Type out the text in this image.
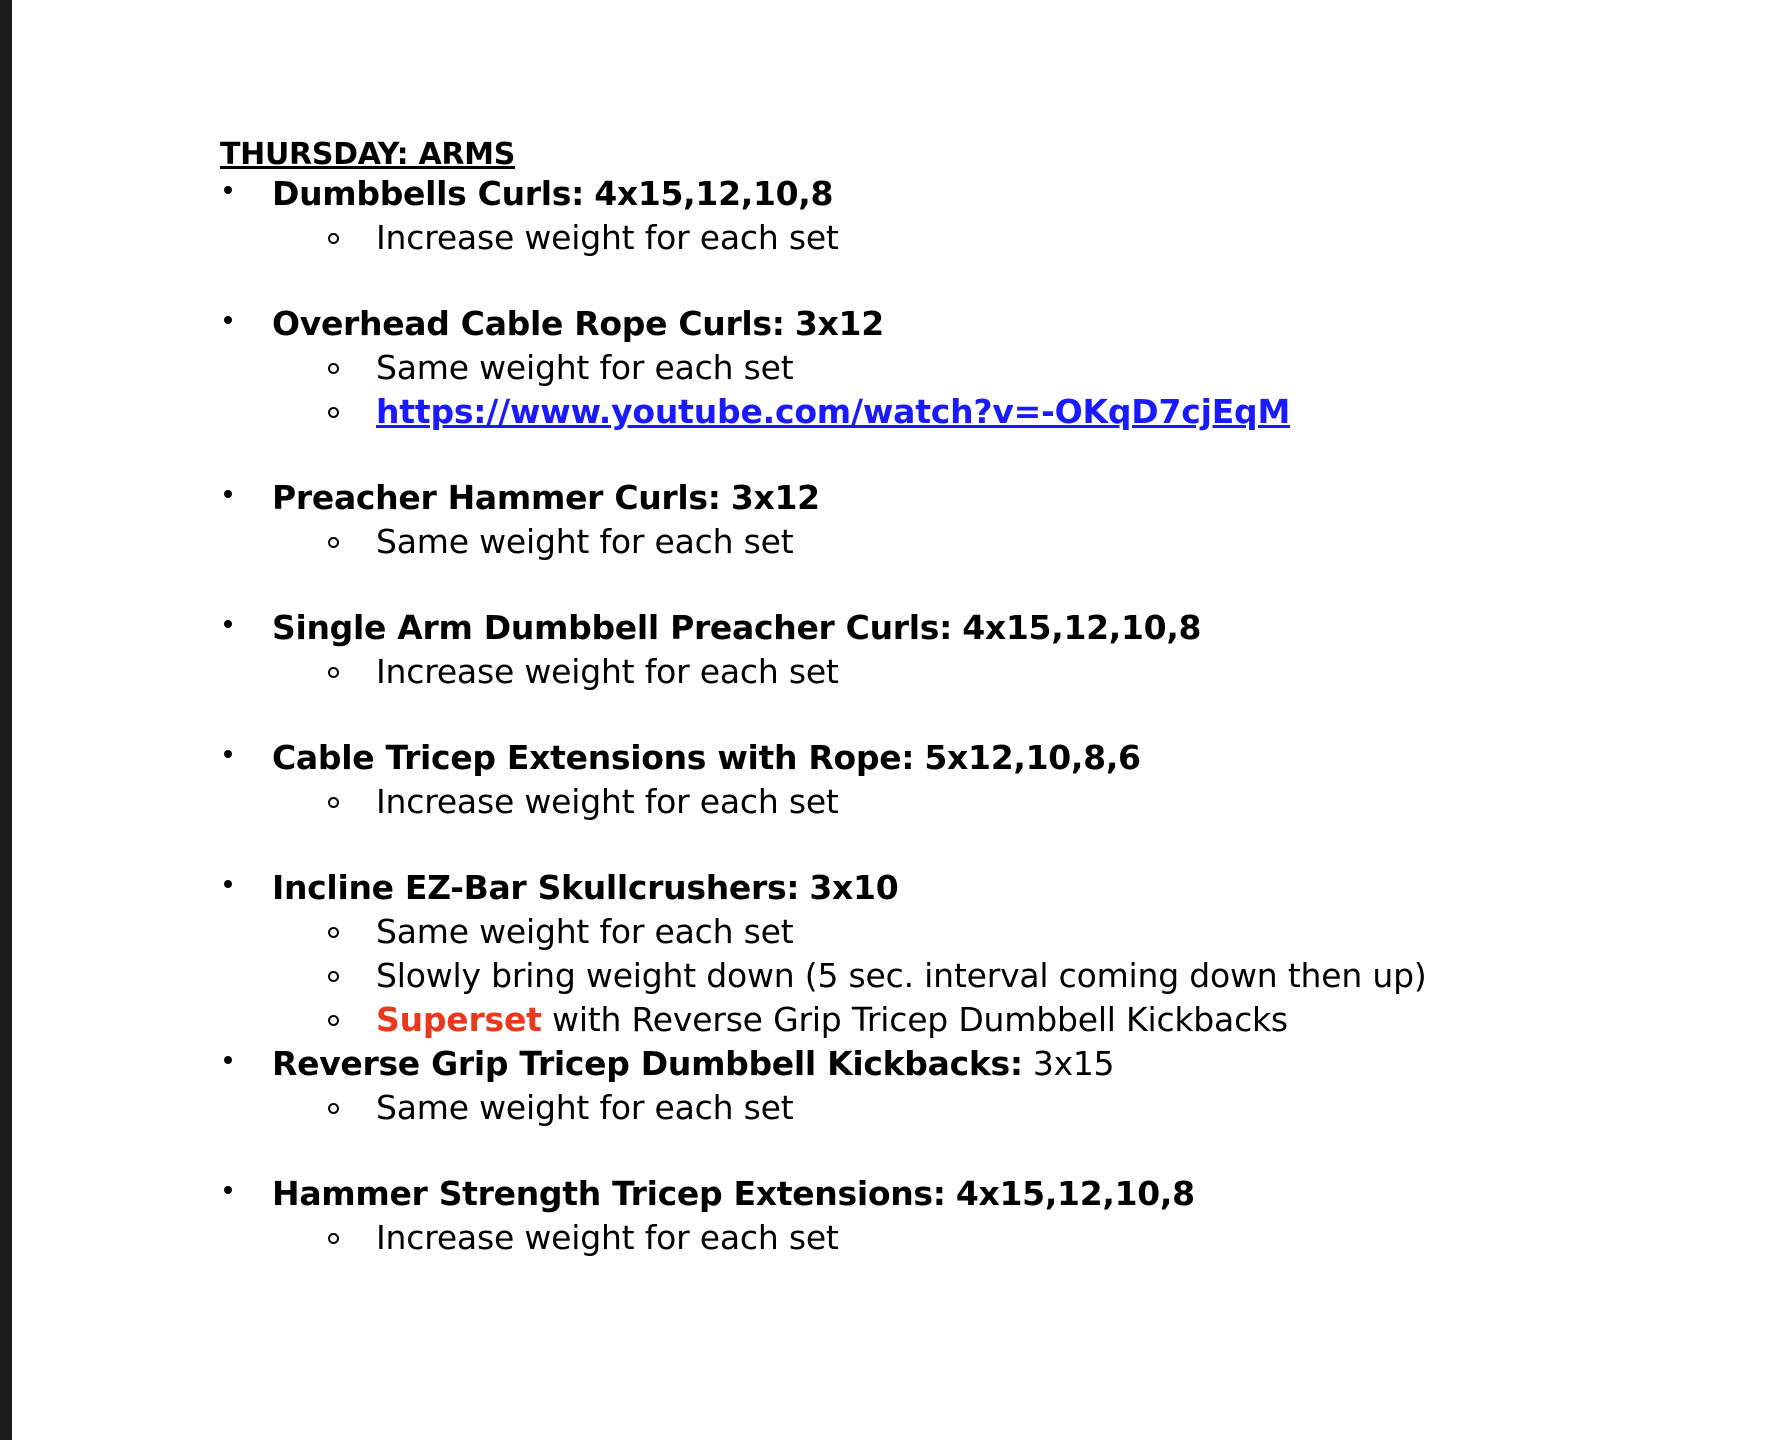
THURSDAY: ARMS
Dumbbells Curls: 4x15,12,10,8
Increase weight for each set
Overhead Cable Rope Curls: 3x12
Same weight for each set
https://www.youtube.com/watch?v=-OKqD7cjEqM
Preacher Hammer Curls: 3x12
Same weight for each set
Single Arm Dumbbell Preacher Curls: 4x15,12,10,8
Increase weight for each set
Cable Tricep Extensions with Rope: 5x12,10,8,6
Increase weight for each set
Incline EZ-Bar Skullcrushers: 3x10
Same weight for each set
Slowly bring weight down (5 sec. interval coming down then up)
Superset with Reverse Grip Tricep Dumbbell Kickbacks
Reverse Grip Tricep Dumbbell Kickbacks: 3x15
Same weight for each set
Hammer Strength Tricep Extensions: 4x15,12,10,8
Increase weight for each set
